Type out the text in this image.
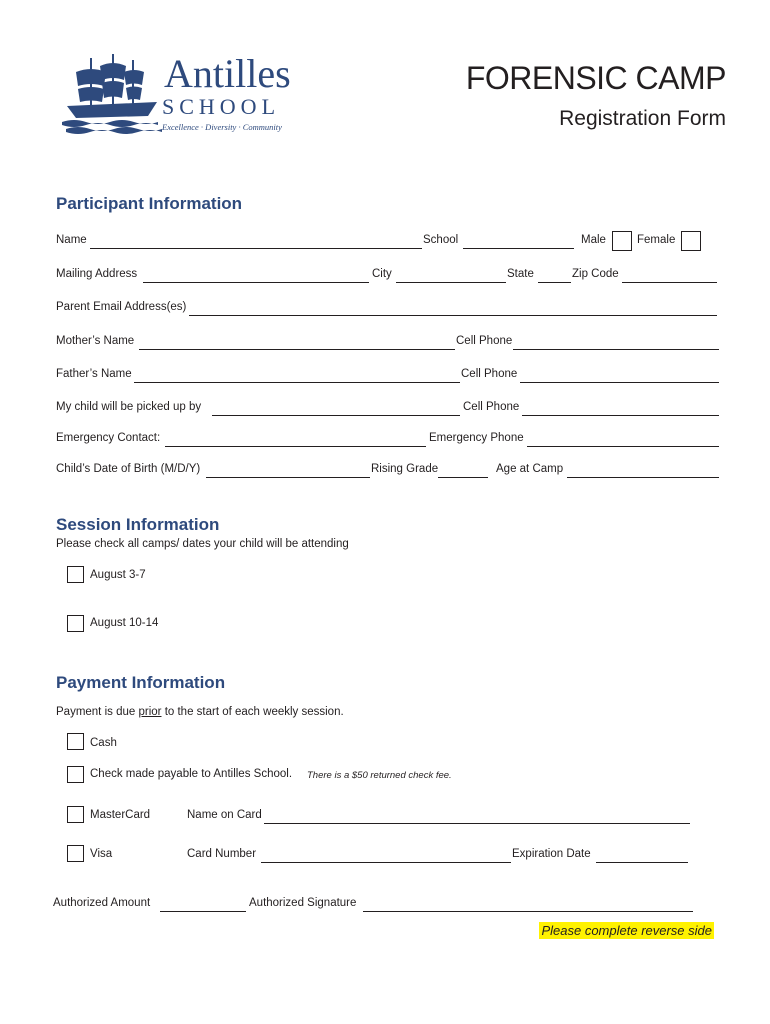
Antilles
SCHOOL
Excellence · Diversity · Community
FORENSIC CAMP
Registration Form
Participant Information
Name	School	Male	Female
Mailing Address	City	State	Zip Code
Parent Email Address(es)
Mother’s Name	Cell Phone
Father’s Name	Cell Phone
My child will be picked up by	Cell Phone
Emergency Contact:	Emergency Phone
Child’s Date of Birth (M/D/Y)	Rising Grade	Age at Camp
Session Information
Please check all camps/ dates your child will be attending
August 3-7
August 10-14
Payment Information
Payment is due prior to the start of each weekly session.
Cash
Check made payable to Antilles School. There is a $50 returned check fee.
MasterCard	Name on Card
Visa	Card Number	Expiration Date
Authorized Amount	Authorized Signature
Please complete reverse side
